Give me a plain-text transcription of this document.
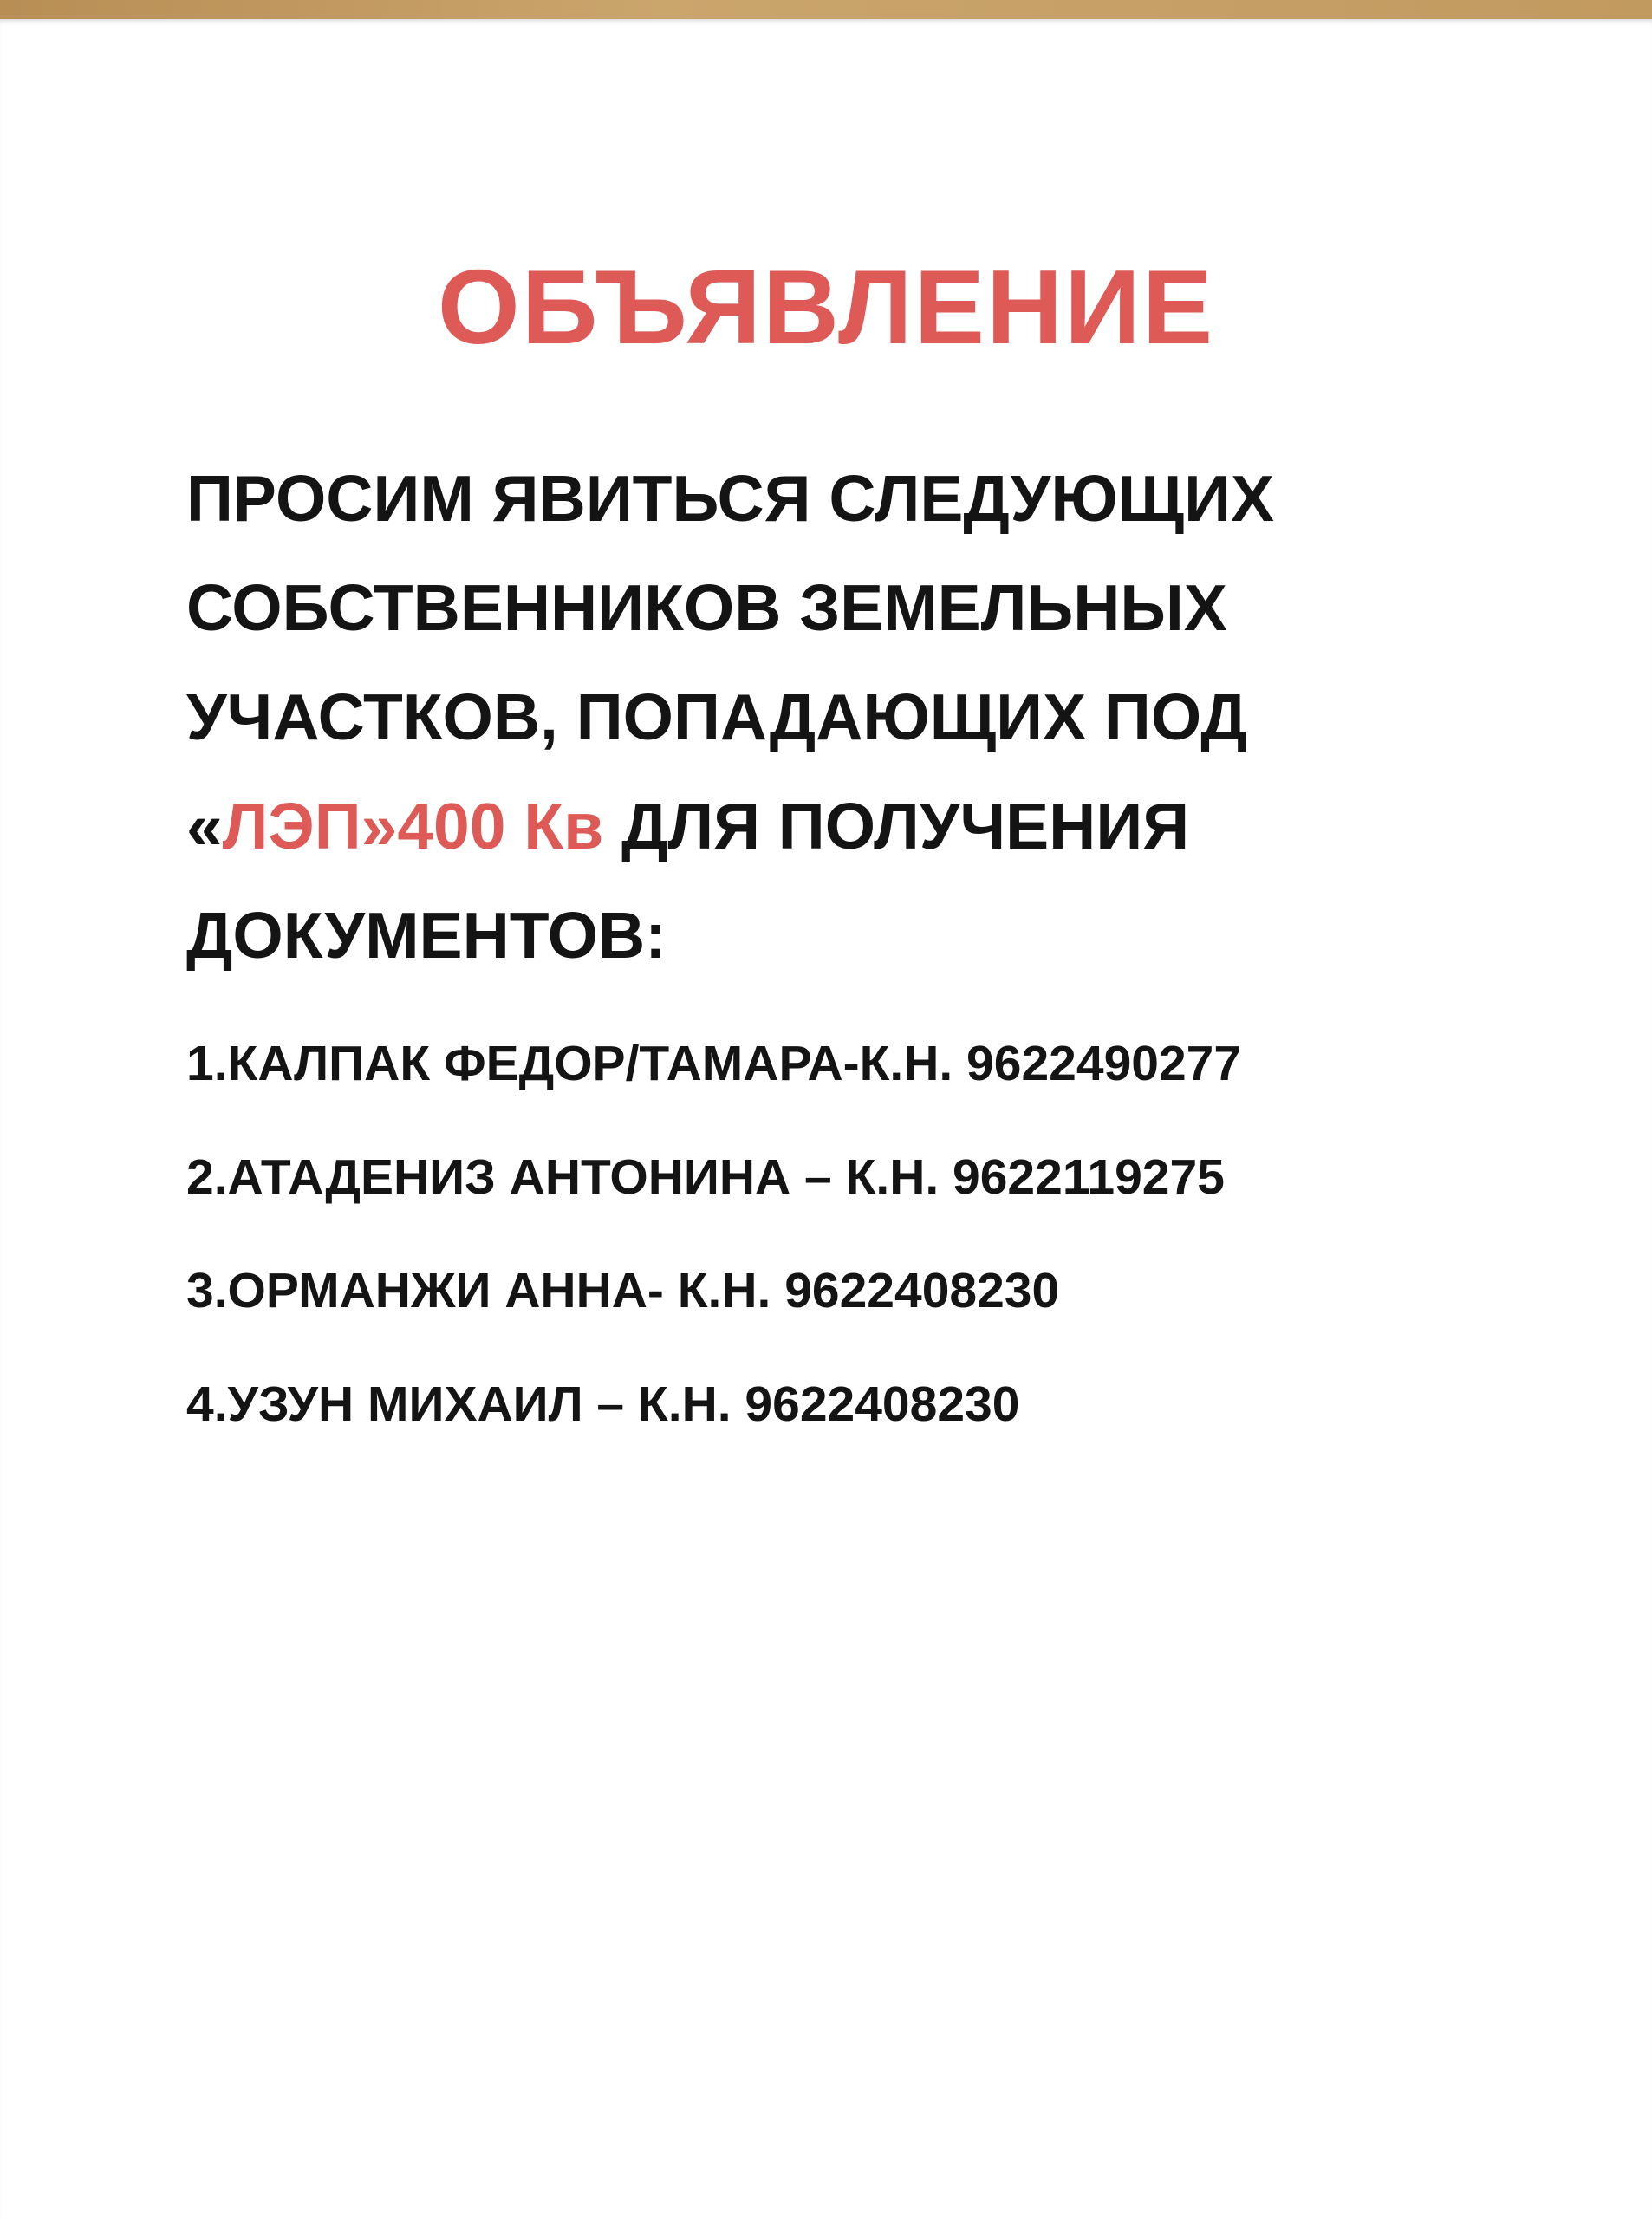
ОБЪЯВЛЕНИЕ
ПРОСИМ ЯВИТЬСЯ СЛЕДУЮЩИХ
СОБСТВЕННИКОВ ЗЕМЕЛЬНЫХ
УЧАСТКОВ, ПОПАДАЮЩИХ ПОД
«ЛЭП»400 Кв ДЛЯ ПОЛУЧЕНИЯ
ДОКУМЕНТОВ:
1.КАЛПАК ФЕДОР/ТАМАРА-К.Н. 9622490277
2.АТАДЕНИЗ АНТОНИНА – К.Н. 9622119275
3.ОРМАНЖИ АННА- К.Н. 9622408230
4.УЗУН МИХАИЛ – К.Н. 9622408230
